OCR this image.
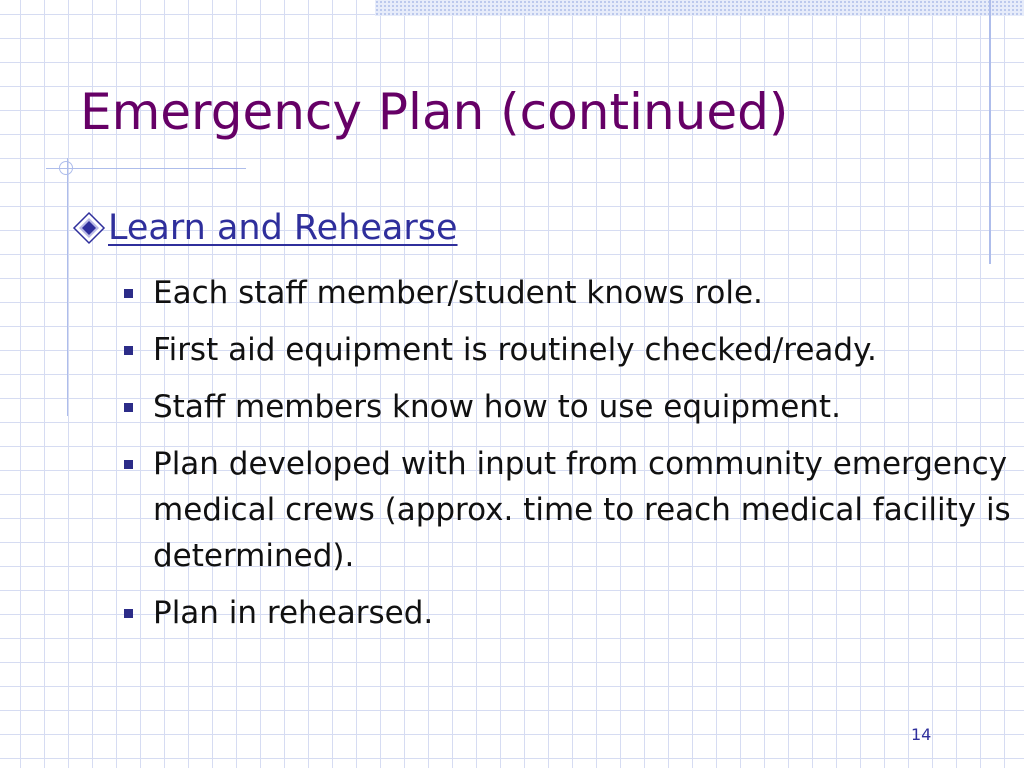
Emergency Plan (continued)
Learn and Rehearse
Each staff member/student knows role.
First aid equipment is routinely checked/ready.
Staff members know how to use equipment.
Plan developed with input from community emergency medical crews (approx. time to reach medical facility is determined).
Plan in rehearsed.
14
